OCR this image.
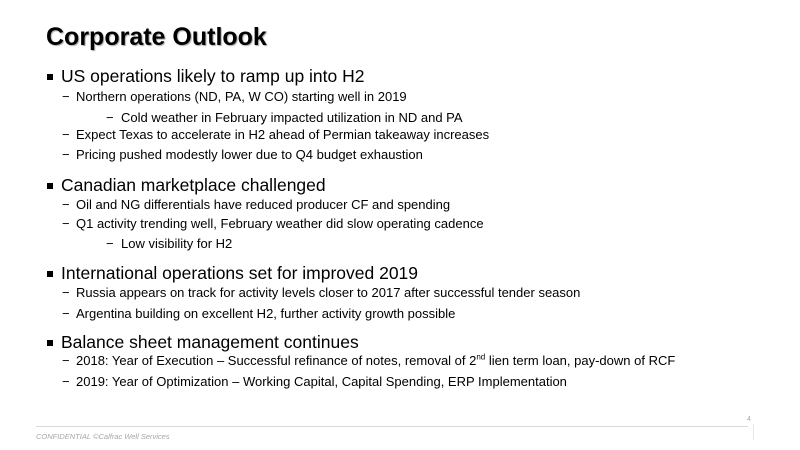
Corporate Outlook
US operations likely to ramp up into H2
− Northern operations (ND, PA, W CO) starting well in 2019
− Cold weather in February impacted utilization in ND and PA
− Expect Texas to accelerate in H2 ahead of Permian takeaway increases
− Pricing pushed modestly lower due to Q4 budget exhaustion
Canadian marketplace challenged
− Oil and NG differentials have reduced producer CF and spending
− Q1 activity trending well, February weather did slow operating cadence
− Low visibility for H2
International operations set for improved 2019
− Russia appears on track for activity levels closer to 2017 after successful tender season
− Argentina building on excellent H2, further activity growth possible
Balance sheet management continues
− 2018: Year of Execution – Successful refinance of notes, removal of 2nd lien term loan, pay-down of RCF
− 2019: Year of Optimization – Working Capital, Capital Spending, ERP Implementation
4
CONFIDENTIAL ©Calfrac Well Services
